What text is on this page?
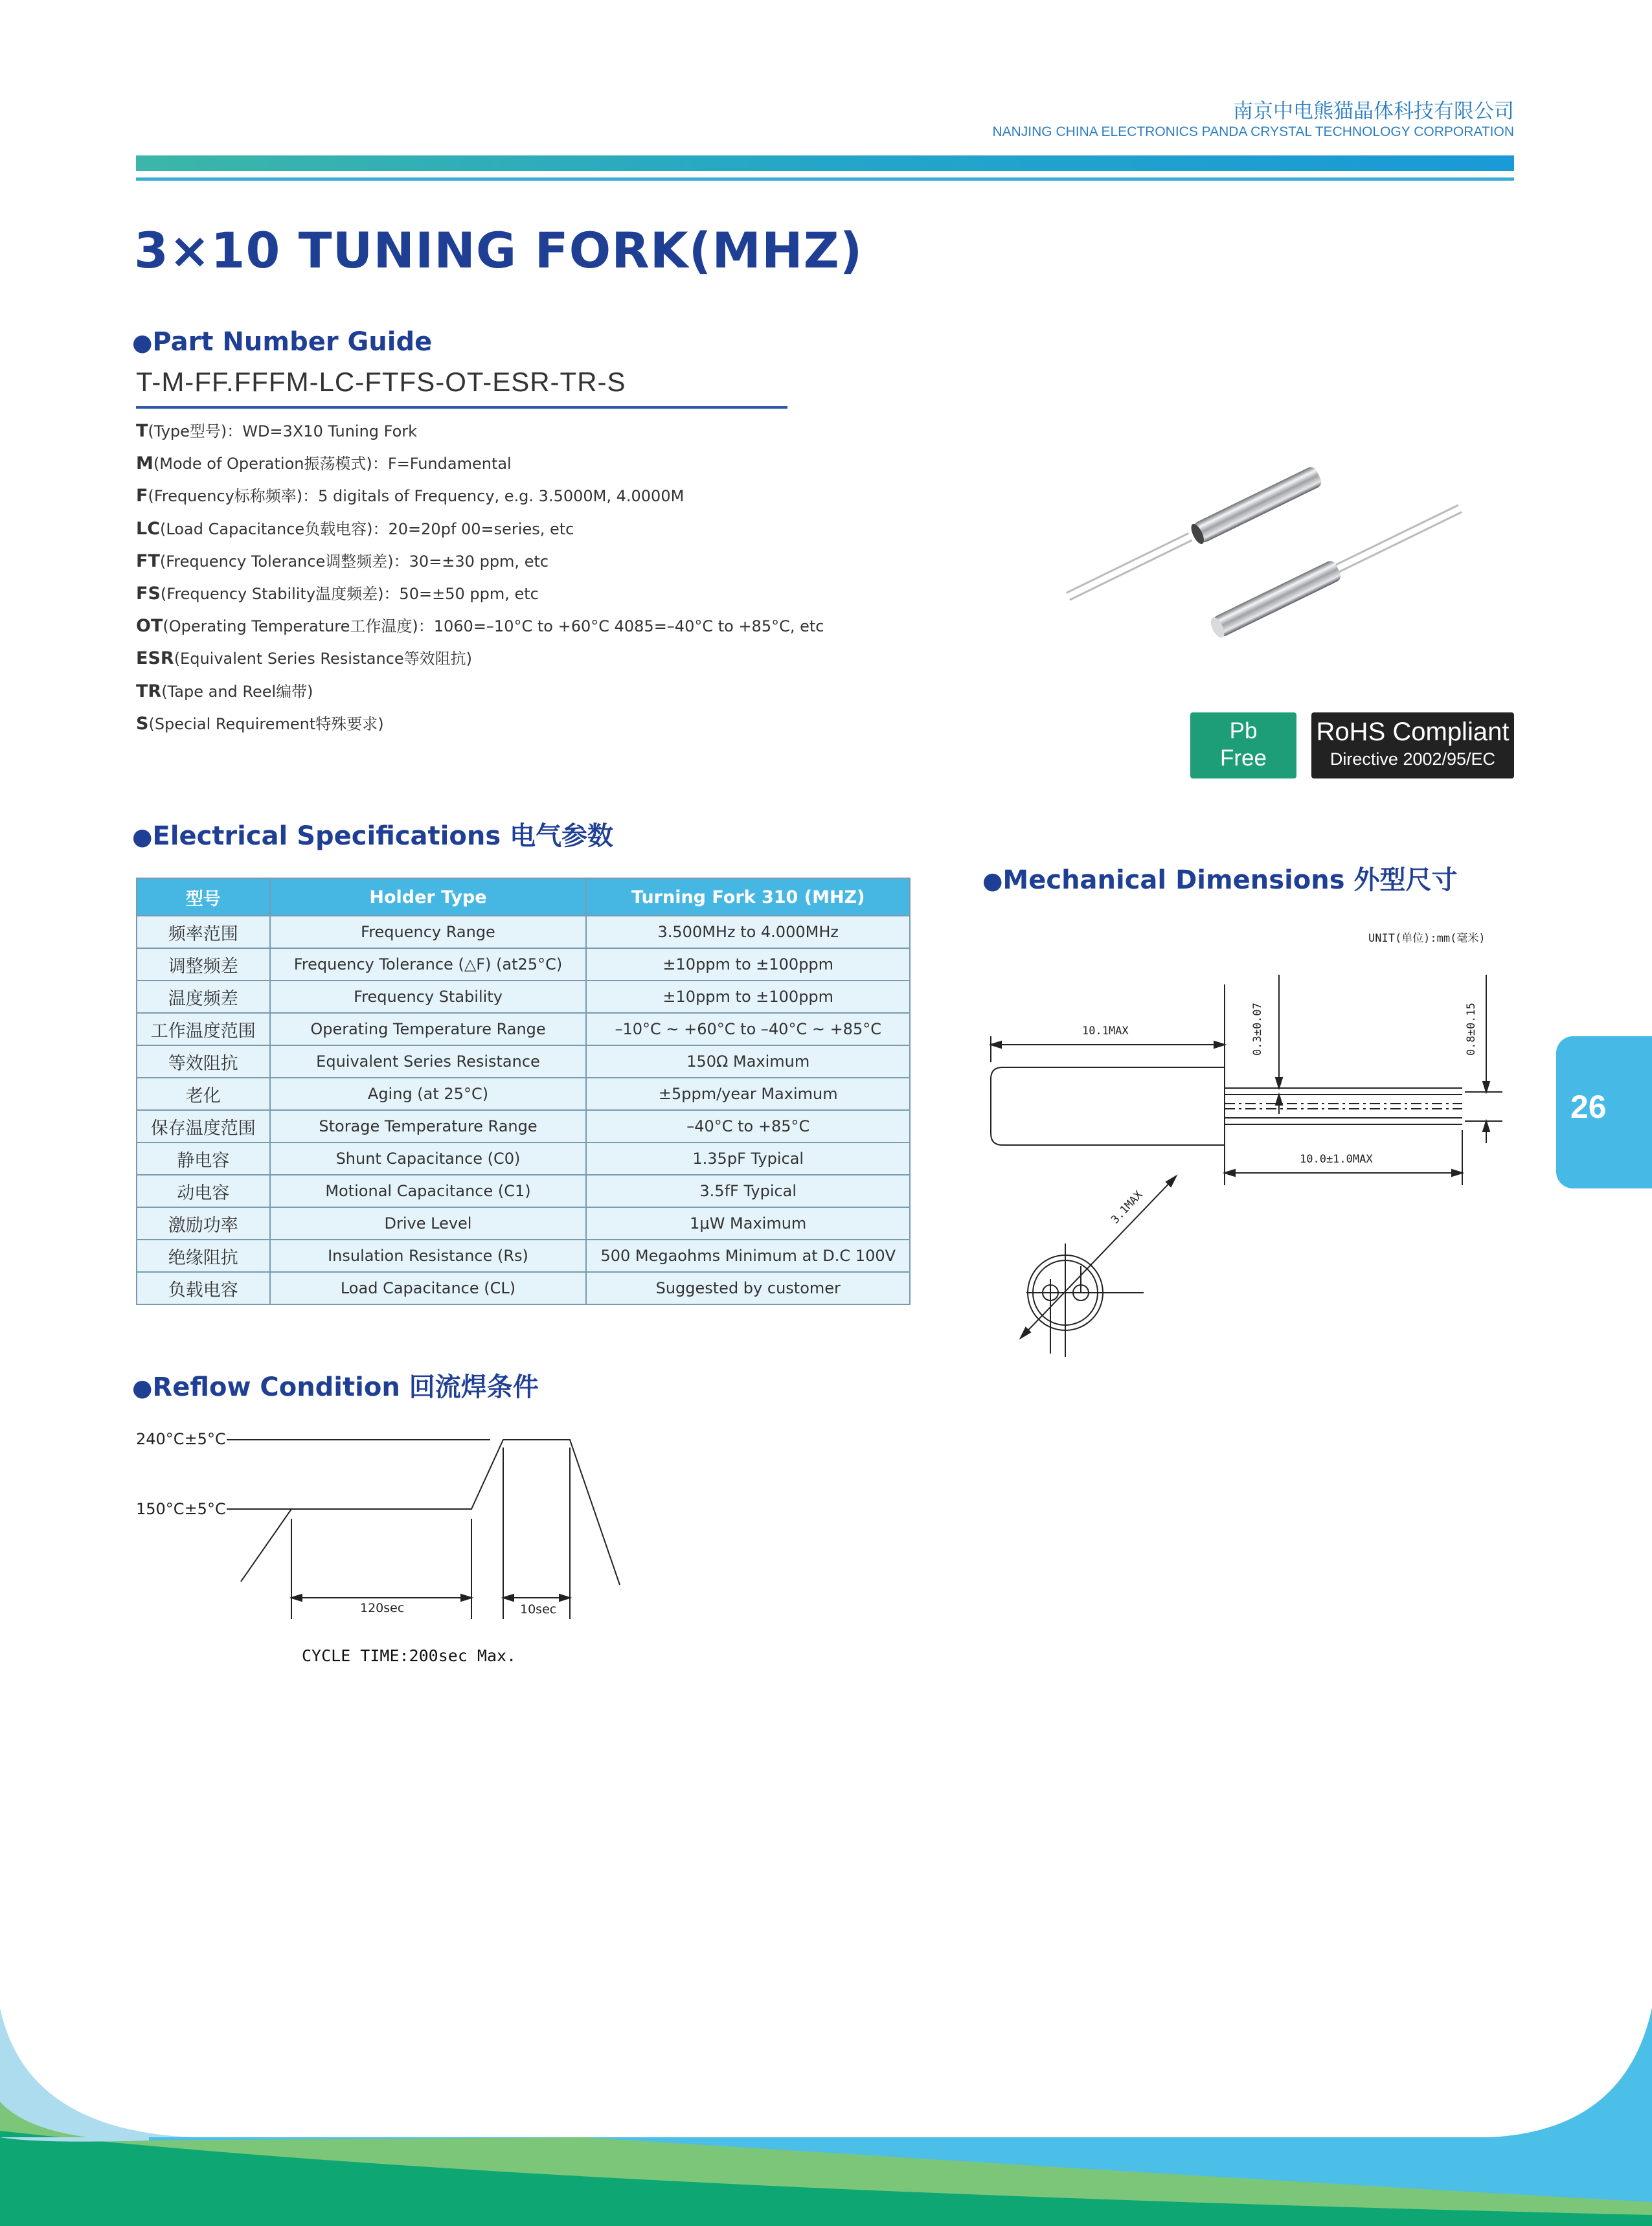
南京中电熊猫晶体科技有限公司
NANJING CHINA ELECTRONICS PANDA CRYSTAL TECHNOLOGY CORPORATION
3×10 TUNING FORK(MHZ)
●Part Number Guide
T-M-FF.FFFM-LC-FTFS-OT-ESR-TR-S
T(Type型号)：WD=3X10 Tuning Fork
M(Mode of Operation振荡模式)：F=Fundamental
F(Frequency标称频率)：5 digitals of Frequency, e.g. 3.5000M, 4.0000M
LC(Load Capacitance负载电容)：20=20pf 00=series, etc
FT(Frequency Tolerance调整频差)：30=±30 ppm, etc
FS(Frequency Stability温度频差)：50=±50 ppm, etc
OT(Operating Temperature工作温度)：1060=–10°C to +60°C 4085=–40°C to +85°C, etc
ESR(Equivalent Series Resistance等效阻抗)
TR(Tape and Reel编带)
S(Special Requirement特殊要求)	Pb
Free
RoHS Compliant
Directive 2002/95/EC
●Electrical Specifications 电气参数
型号	Holder Type	Turning Fork 310 (MHZ)
频率范围	Frequency Range	3.500MHz to 4.000MHz
调整频差	Frequency Tolerance (△F) (at25°C)	±10ppm to ±100ppm
温度频差	Frequency Stability	±10ppm to ±100ppm
工作温度范围	Operating Temperature Range	–10°C ~ +60°C to –40°C ~ +85°C
等效阻抗	Equivalent Series Resistance	150Ω Maximum
老化	Aging (at 25°C)	±5ppm/year Maximum
保存温度范围	Storage Temperature Range	–40°C to +85°C
静电容	Shunt Capacitance (C0)	1.35pF Typical
动电容	Motional Capacitance (C1)	3.5fF Typical
激励功率	Drive Level	1μW Maximum
绝缘阻抗	Insulation Resistance (Rs)	500 Megaohms Minimum at D.C 100V
负载电容	Load Capacitance (CL)	Suggested by customer
●Mechanical Dimensions 外型尺寸
UNIT(单位):mm(毫米)
10.1MAX	0.3±0.07	0.8±0.15
10.0±1.0MAX
3.1MAX
26
●Reflow Condition 回流焊条件
240°C±5°C
150°C±5°C
120sec	10sec
CYCLE TIME:200sec Max.
